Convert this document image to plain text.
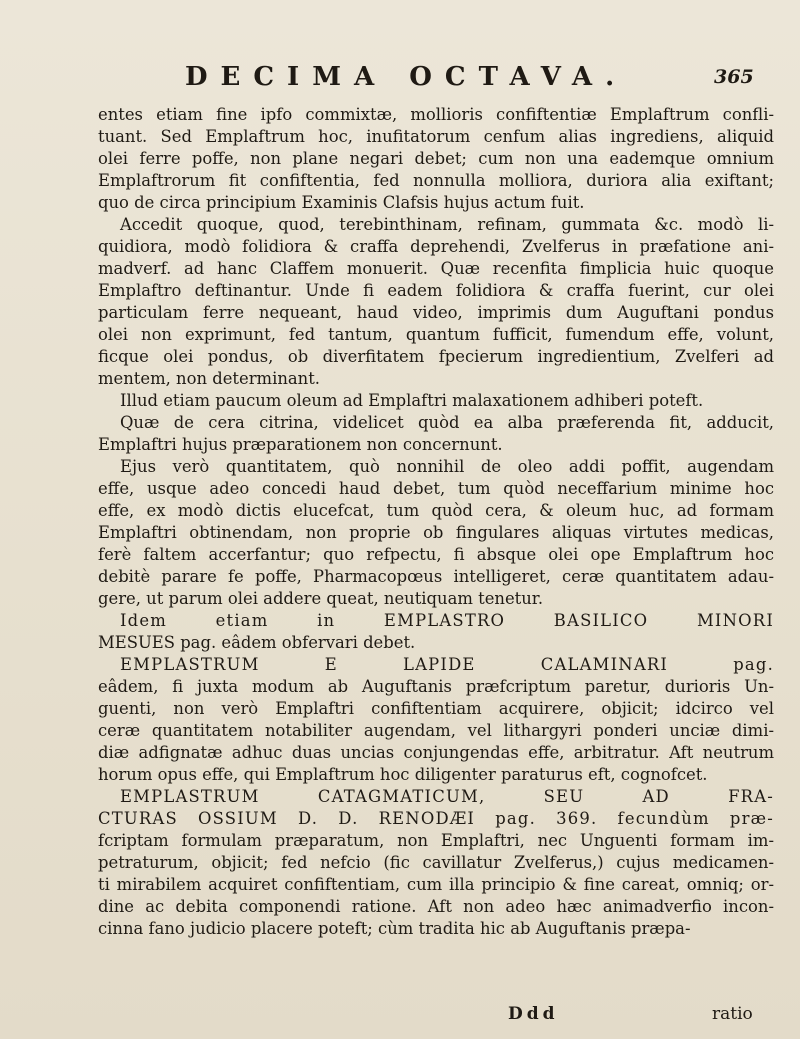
DECIMA OCTAVA.	365
entes etiam fine ipfo commixtæ, mollioris confiftentiæ Emplaftrum confli-
tuant. Sed Emplaftrum hoc, inufitatorum cenfum alias ingrediens, aliquid
olei ferre poffe, non plane negari debet; cum non una eademque omnium
Emplaftrorum fit confiftentia, fed nonnulla molliora, duriora alia exiftant;
quo de circa principium Examinis Clafsis hujus actum fuit.
Accedit quoque, quod, terebinthinam, refinam, gummata &c. modò li-
quidiora, modò folidiora & craffa deprehendi, Zvelferus in præfatione ani-
madverf. ad hanc Claffem monuerit. Quæ recenfita fimplicia huic quoque
Emplaftro deftinantur. Unde fi eadem folidiora & craffa fuerint, cur olei
particulam ferre nequeant, haud video, imprimis dum Auguftani pondus
olei non exprimunt, fed tantum, quantum fufficit, fumendum effe, volunt,
ficque olei pondus, ob diverfitatem fpecierum ingredientium, Zvelferi ad
mentem, non determinant.
Illud etiam paucum oleum ad Emplaftri malaxationem adhiberi poteft.
Quæ de cera citrina, videlicet quòd ea alba præferenda fit, adducit,
Emplaftri hujus præparationem non concernunt.
Ejus verò quantitatem, quò nonnihil de oleo addi poffit, augendam
effe, usque adeo concedi haud debet, tum quòd neceffarium minime hoc
effe, ex modò dictis elucefcat, tum quòd cera, & oleum huc, ad formam
Emplaftri obtinendam, non proprie ob fingulares aliquas virtutes medicas,
ferè faltem accerfantur; quo refpectu, fi absque olei ope Emplaftrum hoc
debitè parare fe poffe, Pharmacopœus intelligeret, ceræ quantitatem adau-
gere, ut parum olei addere queat, neutiquam tenetur.
Idem etiam in EMPLASTRO BASILICO MINORI
MESUES pag. eâdem obfervari debet.
EMPLASTRUM E LAPIDE CALAMINARI pag.
eâdem, fi juxta modum ab Auguftanis præfcriptum paretur, durioris Un-
guenti, non verò Emplaftri confiftentiam acquirere, objicit; idcirco vel
ceræ quantitatem notabiliter augendam, vel lithargyri ponderi unciæ dimi-
diæ adfignatæ adhuc duas uncias conjungendas effe, arbitratur. Aft neutrum
horum opus effe, qui Emplaftrum hoc diligenter paraturus eft, cognofcet.
EMPLASTRUM CATAGMATICUM, SEU AD FRA-
CTURAS OSSIUM D. D. RENODÆI pag. 369. fecundùm præ-
fcriptam formulam præparatum, non Emplaftri, nec Unguenti formam im-
petraturum, objicit; fed nefcio (fic cavillatur Zvelferus,) cujus medicamen-
ti mirabilem acquiret confiftentiam, cum illa principio & fine careat, omniq; or-
dine ac debita componendi ratione. Aft non adeo hæc animadverfio incon-
cinna fano judicio placere poteft; cùm tradita hic ab Auguftanis præpa-
Ddd	ratio
